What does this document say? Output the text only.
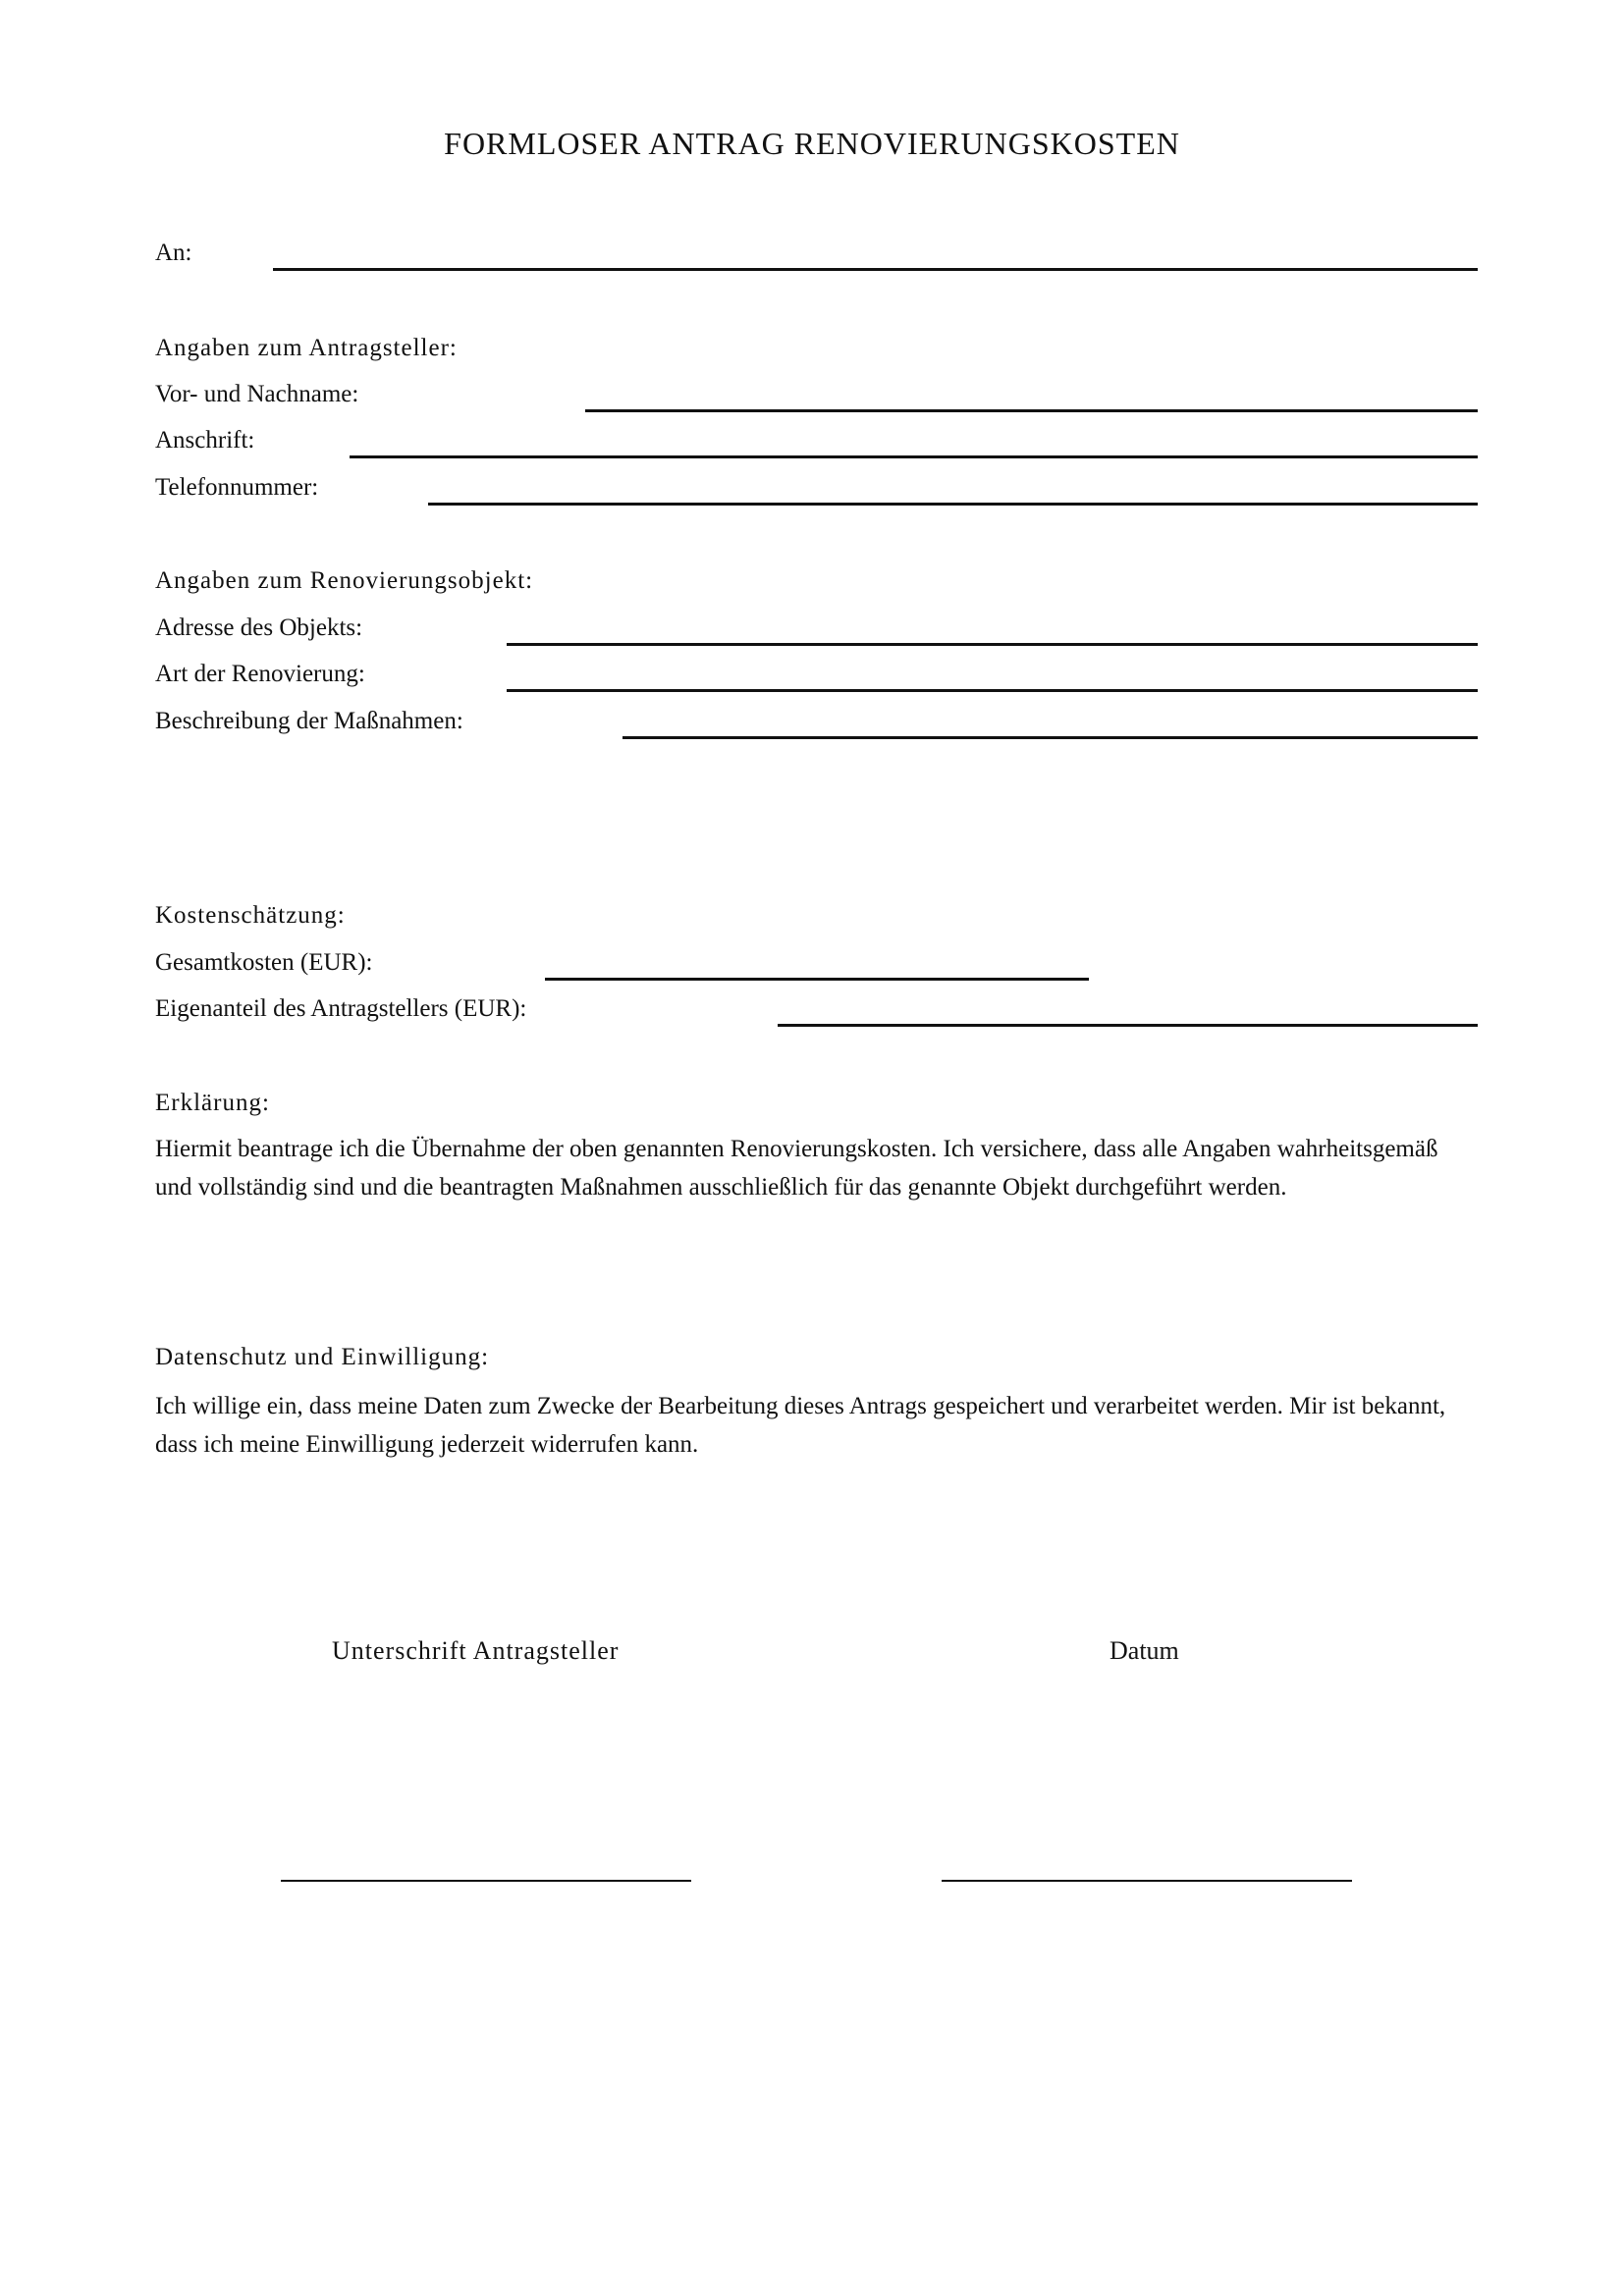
FORMLOSER ANTRAG RENOVIERUNGSKOSTEN
An:
Angaben zum Antragsteller:
Vor- und Nachname:
Anschrift:
Telefonnummer:
Angaben zum Renovierungsobjekt:
Adresse des Objekts:
Art der Renovierung:
Beschreibung der Maßnahmen:
Kostenschätzung:
Gesamtkosten (EUR):
Eigenanteil des Antragstellers (EUR):
Erklärung:
Hiermit beantrage ich die Übernahme der oben genannten Renovierungskosten. Ich versichere, dass alle Angaben wahrheitsgemäß und vollständig sind und die beantragten Maßnahmen ausschließlich für das genannte Objekt durchgeführt werden.
Datenschutz und Einwilligung:
Ich willige ein, dass meine Daten zum Zwecke der Bearbeitung dieses Antrags gespeichert und verarbeitet werden. Mir ist bekannt, dass ich meine Einwilligung jederzeit widerrufen kann.
Unterschrift Antragsteller	Datum
